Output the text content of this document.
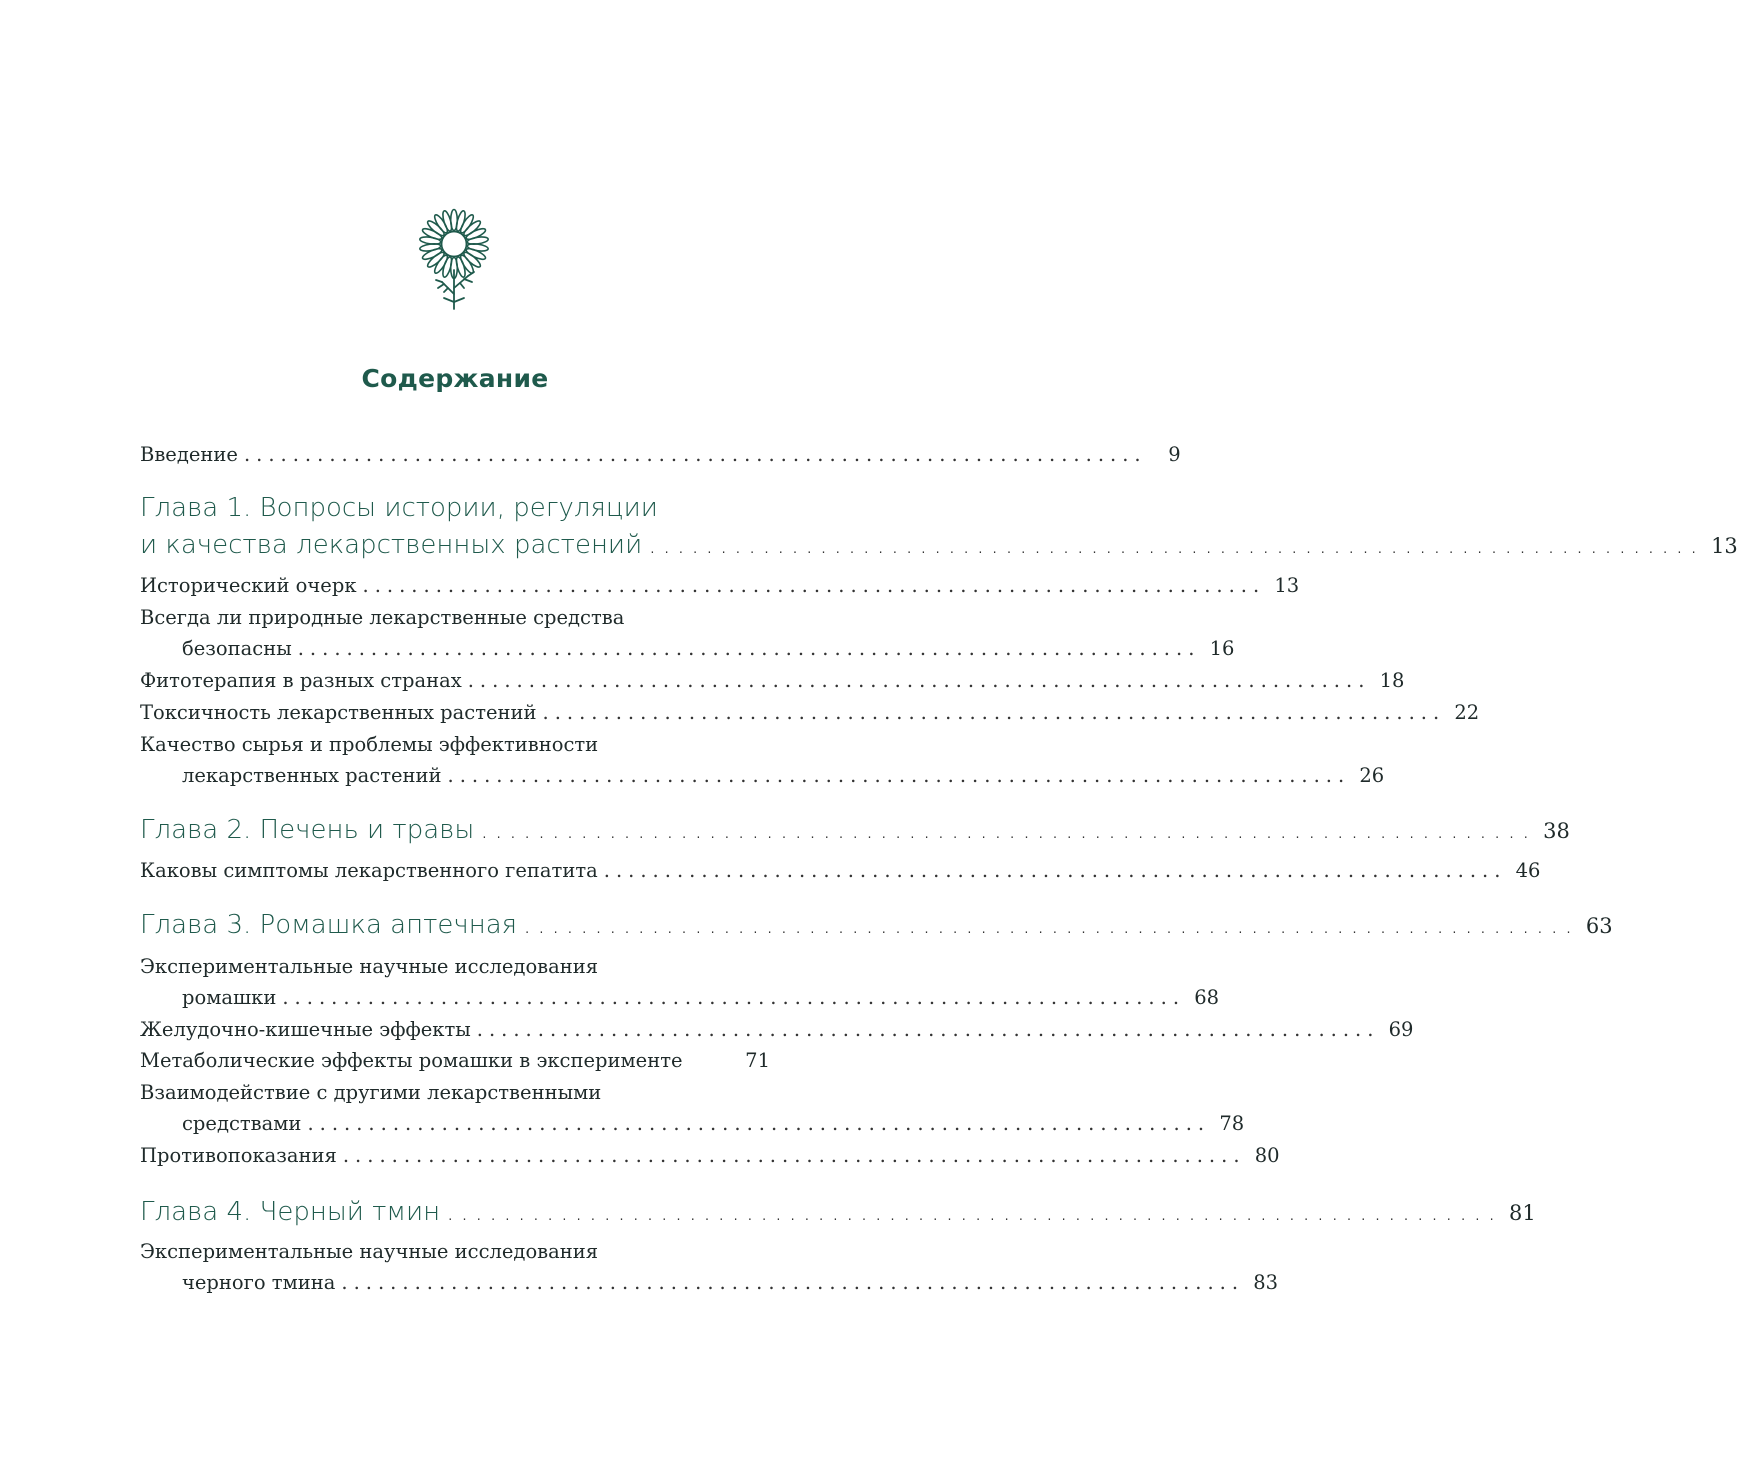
Содержание
Введение ..........................................................................	9
Глава 1. Вопросы истории, регуляции
и качества лекарственных растений .......................................................................... 13
Исторический очерк .......................................................................... 13
Всегда ли природные лекарственные средства
безопасны .......................................................................... 16
Фитотерапия в разных странах .......................................................................... 18
Токсичность лекарственных растений .......................................................................... 22
Качество сырья и проблемы эффективности
лекарственных растений .......................................................................... 26
Глава 2. Печень и травы .......................................................................... 38
Каковы симптомы лекарственного гепатита .......................................................................... 46
Глава 3. Ромашка аптечная .......................................................................... 63
Экспериментальные научные исследования
ромашки .......................................................................... 68
Желудочно-кишечные эффекты .......................................................................... 69
Метаболические эффекты ромашки в эксперименте	71
Взаимодействие с другими лекарственными
средствами .......................................................................... 78
Противопоказания .......................................................................... 80
Глава 4. Черный тмин .......................................................................... 81
Экспериментальные научные исследования
черного тмина .......................................................................... 83
